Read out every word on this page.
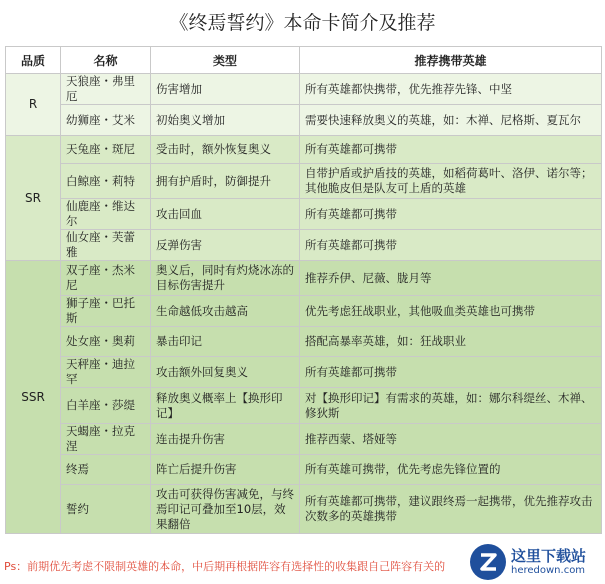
《终焉誓约》本命卡简介及推荐
品质	名称	类型	推荐携带英雄
R	天狼座・弗里厄	伤害增加	所有英雄都快携带，优先推荐先锋、中坚
	幼狮座・艾米	初始奥义增加	需要快速释放奥义的英雄，如：木禅、尼格斯、夏瓦尔
SR	天兔座・斑尼	受击时，额外恢复奥义	所有英雄都可携带
	白鲸座・莉特	拥有护盾时，防御提升	自带护盾或护盾技的英雄，如稻荷葛叶、洛伊、诺尔等；其他脆皮但是队友可上盾的英雄
	仙鹿座・维达尔	攻击回血	所有英雄都可携带
	仙女座・芙蕾雅	反弹伤害	所有英雄都可携带
SSR	双子座・杰米尼	奥义后，同时有灼烧冰冻的目标伤害提升	推荐乔伊、尼薇、胧月等
	狮子座・巴托斯	生命越低攻击越高	优先考虑狂战职业，其他吸血类英雄也可携带
	处女座・奥莉	暴击印记	搭配高暴率英雄，如：狂战职业
	天秤座・迪拉罕	攻击额外回复奥义	所有英雄都可携带
	白羊座・莎缇	释放奥义概率上【换形印记】	对【换形印记】有需求的英雄，如：娜尔科缇丝、木禅、修狄斯
	天蝎座・拉克涅	连击提升伤害	推荐西蒙、塔娅等
	终焉	阵亡后提升伤害	所有英雄可携带，优先考虑先锋位置的
	誓约	攻击可获得伤害减免，与终焉印记可叠加至10层，效果翻倍	所有英雄都可携带，建议跟终焉一起携带，优先推荐攻击次数多的英雄携带
Ps：前期优先考虑不限制英雄的本命，中后期再根据阵容有选择性的收集跟自己阵容有关的
这里下载站
heredown.com
